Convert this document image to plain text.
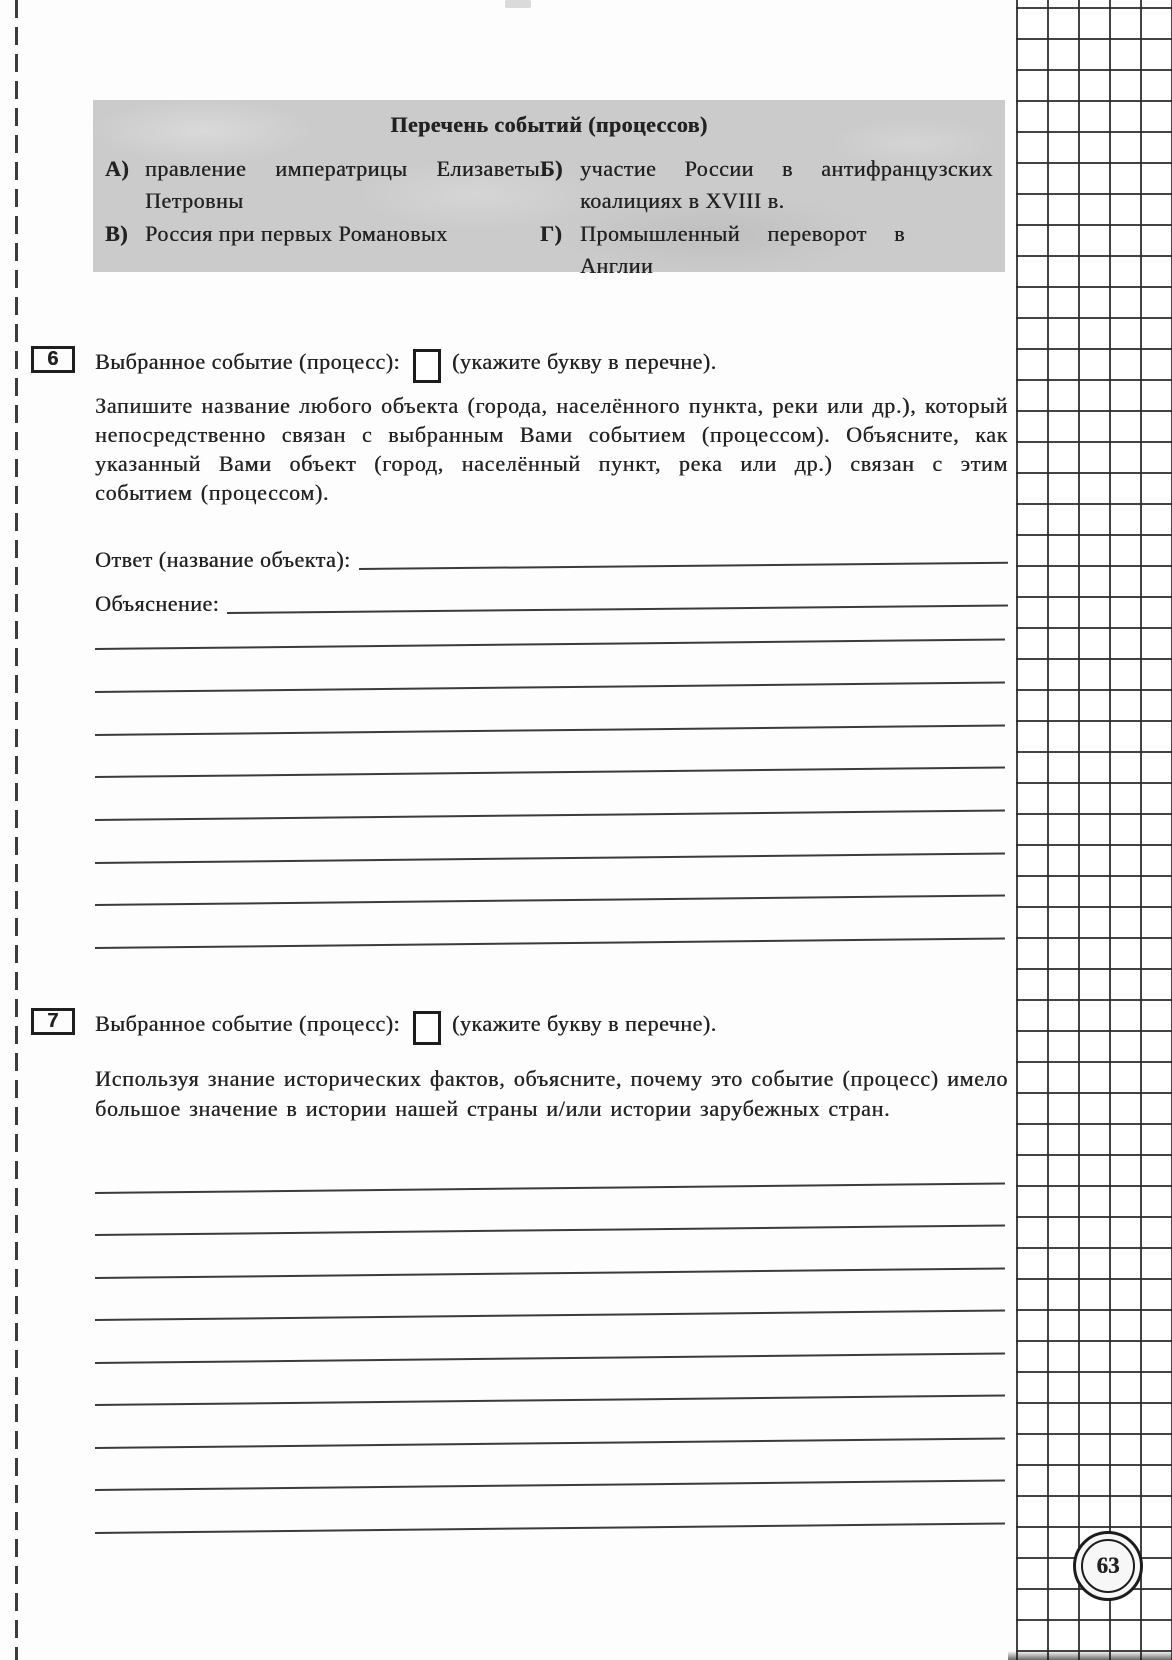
Перечень событий (процессов)
А) правление императрицы Елизаветы Петровны
В) Россия при первых Романовых
Б) участие России в антифранцузских коалициях в XVIII в.
Г) Промышленный переворот в Англии
6	Выбранное событие (процесс): (укажите букву в перечне).
Запишите название любого объекта (города, населённого пункта, реки или др.), который непосредственно связан с выбранным Вами событием (процессом). Объясните, как указанный Вами объект (город, населённый пункт, река или др.) связан с этим событием (процессом).
Ответ (название объекта):
Объяснение:
7	Выбранное событие (процесс): (укажите букву в перечне).
Используя знание исторических фактов, объясните, почему это событие (процесс) имело большое значение в истории нашей страны и/или истории зарубежных стран.
63
